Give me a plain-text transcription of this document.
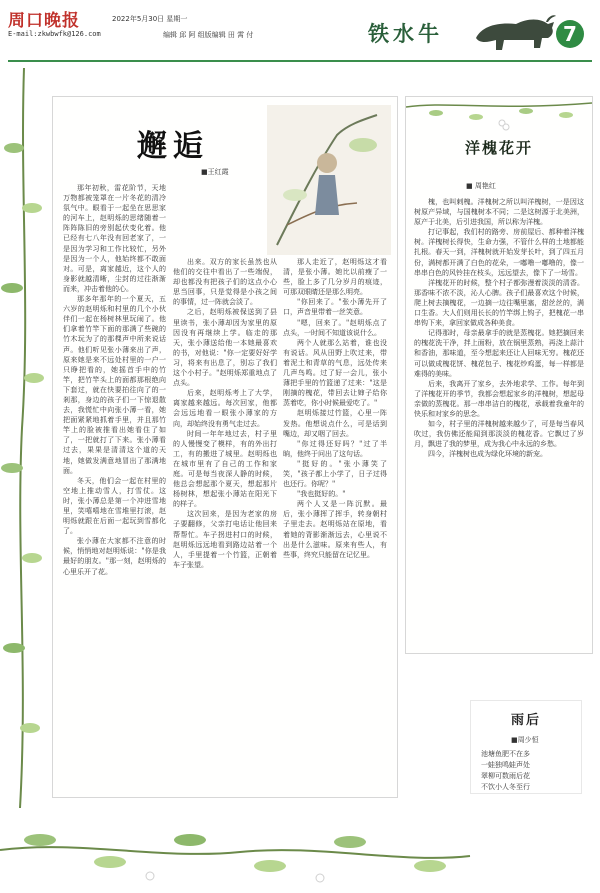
周口晚报
E-mail:zkwbwfk@126.com
2022年5月30日 星期一
编辑 邱 阿 组版编辑 田 霄 付	铁水牛	7
邂逅
■王红霞

那年初秋，雷花阶节，天地万物都被笼罩在一片冬花的清冷氛气中。眼看于一起坐在思思家的河车上，赵明烁的思绪随着一阵阵陈旧的旁别起伏变化着。他已经有七八年没有回老家了，一是因为学习和工作比较忙，另外是因为一个人，他始终都不敢面对。可是，离家越近，这个人的身影就越清晰，尘封的过往渐渐而来，冲击着他的心。

那多年那年的一个夏天，五六岁的赵明烁和村里的几个小伙伴们一起在杨树林里玩闹了。他们拿着竹竿下面的那满了些碗的竹木玩为了的那棵声中所来说话声。他们听见张小薄来出了声，原来她是来不远处村里的一户一只睁把看的，她摇首手中的竹竿，把竹竿头上的面都那根绝向下套过，就在快要拍往向了的一剎那，身边的孩子们一下惊退散去，我慌忙中向张小薄一看，她把面紧紧地抓着手里，并且那竹竿上的脸被推看出她看住了如了，一把就打了下来。张小薄看过去，果果是清清这个道的天地，她做发满意地冒出了那满地面。

冬天，他们会一起在村里的空地上推动雪人，打雪仗。这时，张小薄总是第一个冲进雪地里，笑嘻嘻地在雪堆里打滚，赵明烁就跟在后面一起玩到雪都化了。

张小薄在大家都不注意的时候，悄悄地对赵明烁说："你是我最好的朋友。"那一刻，赵明烁的心里乐开了花。

出来。双方的家长虽然也从他们的交往中看出了一些端倪，却也都没有把孩子们的这点小心思当回事，只是觉得是小孩之间的事情，过一阵就会淡了。

之后，赵明烁被保送到了县里读书，张小薄却因为家里的原因没有再继续上学。临走的那天，张小薄送给他一本她最喜欢的书，对他说："你一定要好好学习，将来有出息了，别忘了我们这个小村子。"赵明烁郑重地点了点头。

后来，赵明烁考上了大学，离家越来越远。每次回家，他都会远远地看一眼张小薄家的方向，却始终没有勇气走过去。

时间一年年地过去，村子里的人慢慢变了模样，有的外出打工，有的搬进了城里。赵明烁也在城市里有了自己的工作和家庭。可是每当夜深人静的时候，他总会想起那个夏天，想起那片杨树林，想起张小薄站在阳光下的样子。

这次回来，是因为老家的房子要翻修，父亲打电话让他回来帮帮忙。车子拐进村口的时候，赵明烁远远地看到路边站着一个人，手里提着一个竹篮，正朝着车子张望。

那人走近了，赵明烁这才看清，是张小薄。她比以前瘦了一些，脸上多了几分岁月的痕迹，可那双眼睛还是那么明亮。

"你回来了。"张小薄先开了口，声音里带着一丝笑意。

"嗯，回来了。"赵明烁点了点头，一时间不知道该说什么。

两个人就那么站着，谁也没有说话。风从田野上吹过来，带着泥土和青草的气息，远处传来几声鸟鸣。过了好一会儿，张小薄把手里的竹篮递了过来："这是刚摘的槐花，带回去让婶子给你蒸着吃，你小时候最爱吃了。"

赵明烁接过竹篮，心里一阵发热。他想说点什么，可是话到嘴边，却又咽了回去。

"你过得还好吗？"过了半晌，他终于问出了这句话。

"挺好的。"张小薄笑了笑，"孩子都上小学了，日子过得也还行。你呢？"

"我也挺好的。"

两个人又是一阵沉默。最后，张小薄挥了挥手，转身朝村子里走去。赵明烁站在原地，看着她的背影渐渐远去，心里说不出是什么滋味。原来有些人，有些事，终究只能留在记忆里。

洋槐花开
■ 周艳红

槐，也叫刺槐。洋槐树之所以叫洋槐树，一是因这树原产异域，与国槐树本不同；二是这树源于北美洲，原产于北美，后引进我国，所以称为洋槐。

打记事起，我们村的路旁、房前屋后、都种着洋槐树。洋槐树长得快，生命力强，不管什么样的土地都能扎根。春天一到，洋槐树就开始发芽长叶，到了四五月份，满树都开满了白色的花朵，一嘟噜一嘟噜的，像一串串白色的风铃挂在枝头，远远望去，像下了一场雪。

洋槐花开的时候，整个村子都弥漫着淡淡的清香。那香味不浓不淡，沁人心脾。孩子们最喜欢这个时候，爬上树去摘槐花，一边摘一边往嘴里塞，甜丝丝的，满口生香。大人们则用长长的竹竿绑上钩子，把槐花一串串钩下来，拿回家做成各种美食。

记得那时，母亲最拿手的就是蒸槐花。她把摘回来的槐花洗干净，拌上面粉，放在锅里蒸熟，再浇上蒜汁和香油，那味道，至今想起来还让人回味无穷。槐花还可以做成槐花饼、槐花包子、槐花炒鸡蛋，每一样都是难得的美味。

后来，我离开了家乡，去外地求学、工作。每年到了洋槐花开的季节，我都会想起家乡的洋槐树，想起母亲做的蒸槐花。那一串串洁白的槐花，承载着我童年的快乐和对家乡的思念。

如今，村子里的洋槐树越来越少了，可是每当春风吹过，我仿佛还能闻到那淡淡的槐花香。它飘过了岁月，飘进了我的梦里，成为我心中永远的乡愁。

四今，洋槐树也成为绿化环境的新宠。

雨后
■周少恒
池塘鱼肥不在多
一蛙独鸣蛙声处
翠柳可数雨后花
不饮小人冬至行
